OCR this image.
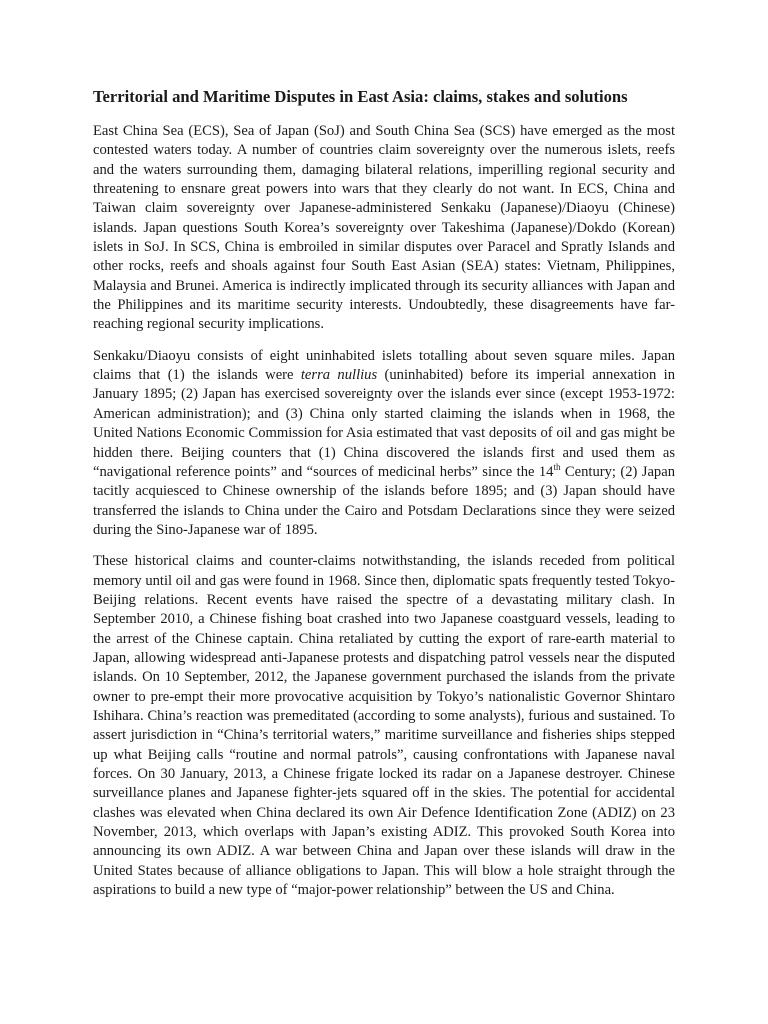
Territorial and Maritime Disputes in East Asia: claims, stakes and solutions

East China Sea (ECS), Sea of Japan (SoJ) and South China Sea (SCS) have emerged as the most contested waters today. A number of countries claim sovereignty over the numerous islets, reefs and the waters surrounding them, damaging bilateral relations, imperilling regional security and threatening to ensnare great powers into wars that they clearly do not want. In ECS, China and Taiwan claim sovereignty over Japanese-administered Senkaku (Japanese)/Diaoyu (Chinese) islands. Japan questions South Korea’s sovereignty over Takeshima (Japanese)/Dokdo (Korean) islets in SoJ. In SCS, China is embroiled in similar disputes over Paracel and Spratly Islands and other rocks, reefs and shoals against four South East Asian (SEA) states: Vietnam, Philippines, Malaysia and Brunei. America is indirectly implicated through its security alliances with Japan and the Philippines and its maritime security interests. Undoubtedly, these disagreements have far-reaching regional security implications.

Senkaku/Diaoyu consists of eight uninhabited islets totalling about seven square miles. Japan claims that (1) the islands were terra nullius (uninhabited) before its imperial annexation in January 1895; (2) Japan has exercised sovereignty over the islands ever since (except 1953-1972: American administration); and (3) China only started claiming the islands when in 1968, the United Nations Economic Commission for Asia estimated that vast deposits of oil and gas might be hidden there. Beijing counters that (1) China discovered the islands first and used them as “navigational reference points” and “sources of medicinal herbs” since the 14th Century; (2) Japan tacitly acquiesced to Chinese ownership of the islands before 1895; and (3) Japan should have transferred the islands to China under the Cairo and Potsdam Declarations since they were seized during the Sino-Japanese war of 1895.

These historical claims and counter-claims notwithstanding, the islands receded from political memory until oil and gas were found in 1968. Since then, diplomatic spats frequently tested Tokyo-Beijing relations. Recent events have raised the spectre of a devastating military clash. In September 2010, a Chinese fishing boat crashed into two Japanese coastguard vessels, leading to the arrest of the Chinese captain. China retaliated by cutting the export of rare-earth material to Japan, allowing widespread anti-Japanese protests and dispatching patrol vessels near the disputed islands. On 10 September, 2012, the Japanese government purchased the islands from the private owner to pre-empt their more provocative acquisition by Tokyo’s nationalistic Governor Shintaro Ishihara. China’s reaction was premeditated (according to some analysts), furious and sustained. To assert jurisdiction in “China’s territorial waters,” maritime surveillance and fisheries ships stepped up what Beijing calls “routine and normal patrols”, causing confrontations with Japanese naval forces. On 30 January, 2013, a Chinese frigate locked its radar on a Japanese destroyer. Chinese surveillance planes and Japanese fighter-jets squared off in the skies. The potential for accidental clashes was elevated when China declared its own Air Defence Identification Zone (ADIZ) on 23 November, 2013, which overlaps with Japan’s existing ADIZ. This provoked South Korea into announcing its own ADIZ. A war between China and Japan over these islands will draw in the United States because of alliance obligations to Japan. This will blow a hole straight through the aspirations to build a new type of “major-power relationship” between the US and China.
